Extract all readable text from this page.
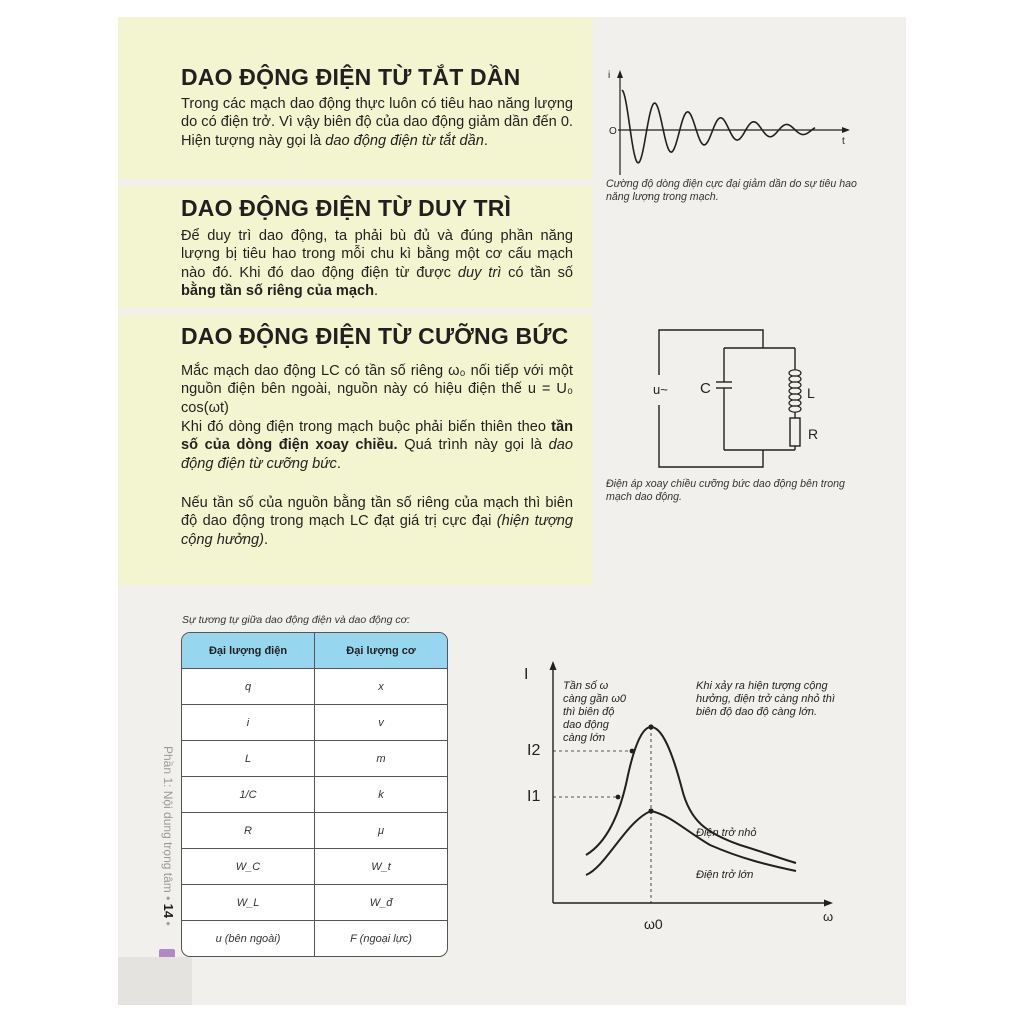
DAO ĐỘNG ĐIỆN TỪ TẮT DẦN
Trong các mạch dao động thực luôn có tiêu hao năng lượng do có điện trở. Vì vậy biên độ của dao động giảm dần đến 0. Hiện tượng này gọi là dao động điện từ tắt dần.
DAO ĐỘNG ĐIỆN TỪ DUY TRÌ
Để duy trì dao động, ta phải bù đủ và đúng phần năng lượng bị tiêu hao trong mỗi chu kì bằng một cơ cấu mạch nào đó. Khi đó dao động điện từ được duy trì có tần số bằng tần số riêng của mạch.
DAO ĐỘNG ĐIỆN TỪ CƯỠNG BỨC
Mắc mạch dao động LC có tần số riêng ω₀ nối tiếp với một nguồn điện bên ngoài, nguồn này có hiệu điện thế u = U₀ cos(ωt)
Khi đó dòng điện trong mạch buộc phải biến thiên theo tần số của dòng điện xoay chiều. Quá trình này gọi là dao động điện từ cưỡng bức.
Nếu tần số của nguồn bằng tần số riêng của mạch thì biên độ dao động trong mạch LC đạt giá trị cực đại (hiện tượng cộng hưởng).
i
O
t
Cường độ dòng điện cực đại giảm dần do sự tiêu hao năng lượng trong mạch.
u~ C	L
R
Điện áp xoay chiều cưỡng bức dao động bên trong mạch dao động.
Sự tương tự giữa dao động điện và dao động cơ:
Đại lượng điện	Đại lượng cơ
q	x
i	v
L	m
1/C	k
R	μ
W_C	W_t
W_L	W_đ
u (bên ngoài)	F (ngoại lực)
I
ω
ω0
I2
I1
Tần số ω
càng gần ω0
thì biên độ
dao động
càng lớn
Khi xảy ra hiện tượng cộng
hưởng, điện trở càng nhỏ thì
biên độ dao độ càng lớn.
Điện trở nhỏ
Điện trở lớn
Phần 1: Nội dung trọng tâm • 14 •
